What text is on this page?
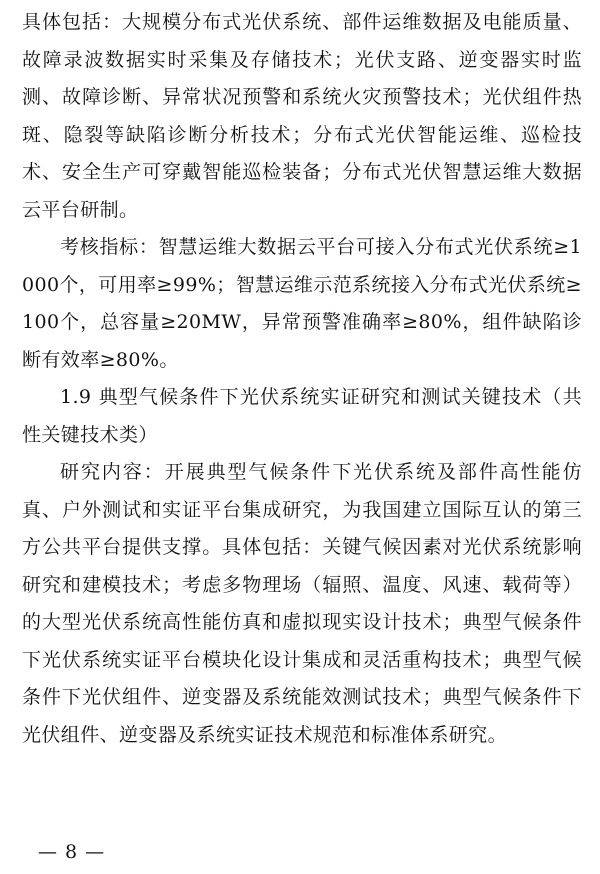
具体包括：大规模分布式光伏系统、部件运维数据及电能质量、故障录波数据实时采集及存储技术；光伏支路、逆变器实时监测、故障诊断、异常状况预警和系统火灾预警技术；光伏组件热斑、隐裂等缺陷诊断分析技术；分布式光伏智能运维、巡检技术、安全生产可穿戴智能巡检装备；分布式光伏智慧运维大数据云平台研制。

考核指标：智慧运维大数据云平台可接入分布式光伏系统≥1000个，可用率≥99%；智慧运维示范系统接入分布式光伏系统≥100个，总容量≥20MW，异常预警准确率≥80%，组件缺陷诊断有效率≥80%。

1.9 典型气候条件下光伏系统实证研究和测试关键技术（共性关键技术类）

研究内容：开展典型气候条件下光伏系统及部件高性能仿真、户外测试和实证平台集成研究，为我国建立国际互认的第三方公共平台提供支撑。具体包括：关键气候因素对光伏系统影响研究和建模技术；考虑多物理场（辐照、温度、风速、载荷等）的大型光伏系统高性能仿真和虚拟现实设计技术；典型气候条件下光伏系统实证平台模块化设计集成和灵活重构技术；典型气候条件下光伏组件、逆变器及系统能效测试技术；典型气候条件下光伏组件、逆变器及系统实证技术规范和标准体系研究。

— 8 —
